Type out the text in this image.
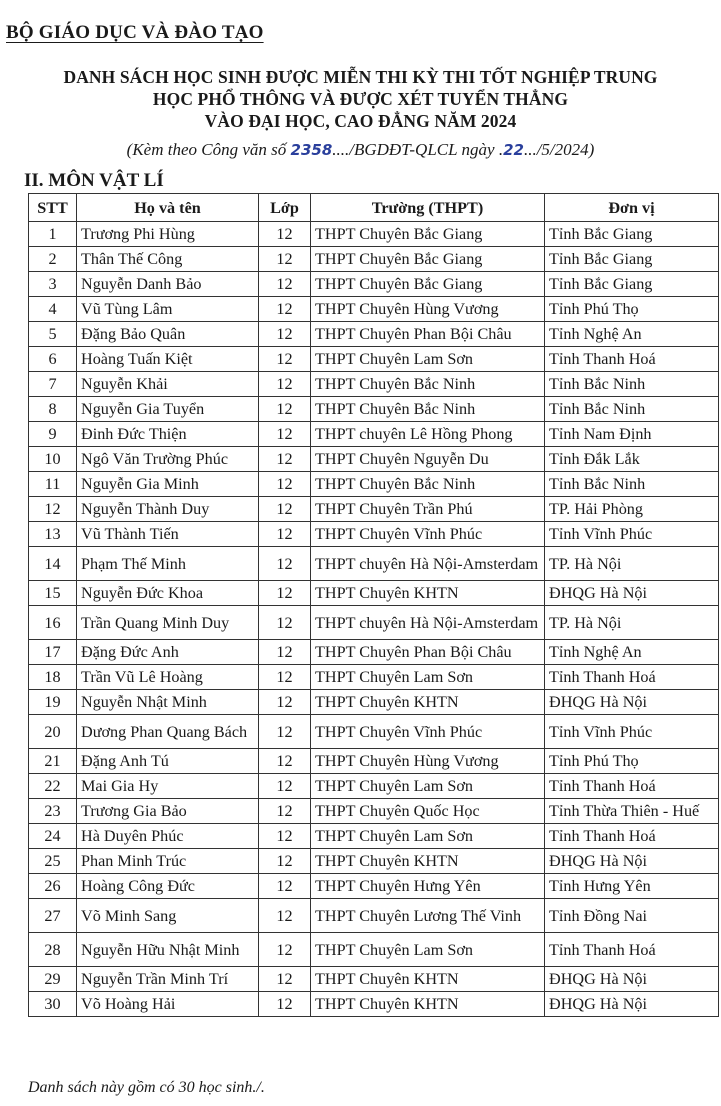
BỘ GIÁO DỤC VÀ ĐÀO TẠO
DANH SÁCH HỌC SINH ĐƯỢC MIỄN THI KỲ THI TỐT NGHIỆP TRUNG
HỌC PHỔ THÔNG VÀ ĐƯỢC XÉT TUYỂN THẲNG
VÀO ĐẠI HỌC, CAO ĐẲNG NĂM 2024
(Kèm theo Công văn số 2358..../BGDĐT-QLCL ngày .22.../5/2024)
II. MÔN VẬT LÍ
STT	Họ và tên	Lớp	Trường (THPT)	Đơn vị
1	Trương Phi Hùng	12	THPT Chuyên Bắc Giang	Tỉnh Bắc Giang
2	Thân Thế Công	12	THPT Chuyên Bắc Giang	Tỉnh Bắc Giang
3	Nguyễn Danh Bảo	12	THPT Chuyên Bắc Giang	Tỉnh Bắc Giang
4	Vũ Tùng Lâm	12	THPT Chuyên Hùng Vương	Tỉnh Phú Thọ
5	Đặng Bảo Quân	12	THPT Chuyên Phan Bội Châu	Tỉnh Nghệ An
6	Hoàng Tuấn Kiệt	12	THPT Chuyên Lam Sơn	Tỉnh Thanh Hoá
7	Nguyễn Khải	12	THPT Chuyên Bắc Ninh	Tỉnh Bắc Ninh
8	Nguyễn Gia Tuyển	12	THPT Chuyên Bắc Ninh	Tỉnh Bắc Ninh
9	Đinh Đức Thiện	12	THPT chuyên Lê Hồng Phong	Tỉnh Nam Định
10	Ngô Văn Trường Phúc	12	THPT Chuyên Nguyễn Du	Tỉnh Đắk Lắk
11	Nguyễn Gia Minh	12	THPT Chuyên Bắc Ninh	Tỉnh Bắc Ninh
12	Nguyễn Thành Duy	12	THPT Chuyên Trần Phú	TP. Hải Phòng
13	Vũ Thành Tiến	12	THPT Chuyên Vĩnh Phúc	Tỉnh Vĩnh Phúc
14	Phạm Thế Minh	12	THPT chuyên Hà Nội-Amsterdam	TP. Hà Nội
15	Nguyễn Đức Khoa	12	THPT Chuyên KHTN	ĐHQG Hà Nội
16	Trần Quang Minh Duy	12	THPT chuyên Hà Nội-Amsterdam	TP. Hà Nội
17	Đặng Đức Anh	12	THPT Chuyên Phan Bội Châu	Tỉnh Nghệ An
18	Trần Vũ Lê Hoàng	12	THPT Chuyên Lam Sơn	Tỉnh Thanh Hoá
19	Nguyễn Nhật Minh	12	THPT Chuyên KHTN	ĐHQG Hà Nội
20	Dương Phan Quang Bách	12	THPT Chuyên Vĩnh Phúc	Tỉnh Vĩnh Phúc
21	Đặng Anh Tú	12	THPT Chuyên Hùng Vương	Tỉnh Phú Thọ
22	Mai Gia Hy	12	THPT Chuyên Lam Sơn	Tỉnh Thanh Hoá
23	Trương Gia Bảo	12	THPT Chuyên Quốc Học	Tỉnh Thừa Thiên - Huế
24	Hà Duyên Phúc	12	THPT Chuyên Lam Sơn	Tỉnh Thanh Hoá
25	Phan Minh Trúc	12	THPT Chuyên KHTN	ĐHQG Hà Nội
26	Hoàng Công Đức	12	THPT Chuyên Hưng Yên	Tỉnh Hưng Yên
27	Võ Minh Sang	12	THPT Chuyên Lương Thế Vinh	Tỉnh Đồng Nai
28	Nguyễn Hữu Nhật Minh	12	THPT Chuyên Lam Sơn	Tỉnh Thanh Hoá
29	Nguyễn Trần Minh Trí	12	THPT Chuyên KHTN	ĐHQG Hà Nội
30	Võ Hoàng Hải	12	THPT Chuyên KHTN	ĐHQG Hà Nội
Danh sách này gồm có 30 học sinh./.
